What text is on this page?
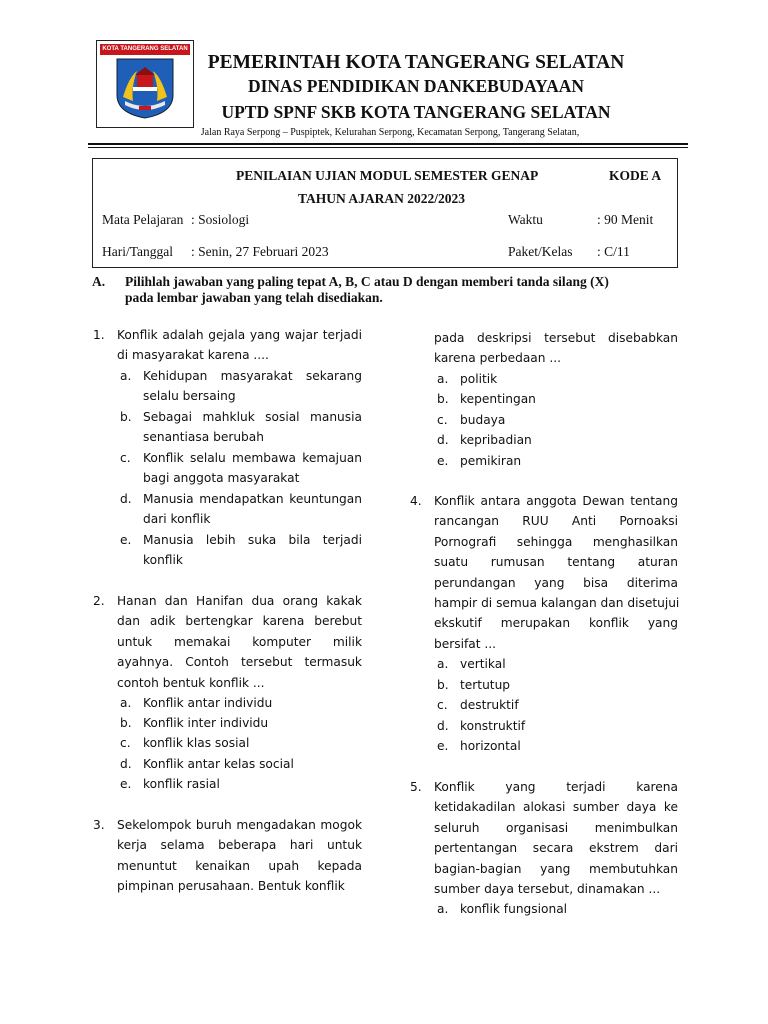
KOTA TANGERANG SELATAN
PEMERINTAH KOTA TANGERANG SELATAN
DINAS PENDIDIKAN DANKEBUDAYAAN
UPTD SPNF SKB KOTA TANGERANG SELATAN
Jalan Raya Serpong – Puspiptek, Kelurahan Serpong, Kecamatan Serpong, Tangerang Selatan,
PENILAIAN UJIAN MODUL SEMESTER GENAP	KODE A
TAHUN AJARAN 2022/2023
Mata Pelajaran : Sosiologi	Waktu	: 90 Menit
Hari/Tanggal : Senin, 27 Februari 2023	Paket/Kelas : C/11
A. Pilihlah jawaban yang paling tepat A, B, C atau D dengan memberi tanda silang (X)
pada lembar jawaban yang telah disediakan.
1. Konflik adalah gejala yang wajar terjadi
di masyarakat karena ....
a. Kehidupan masyarakat sekarang
selalu bersaing
b. Sebagai mahkluk sosial manusia
senantiasa berubah
c. Konflik selalu membawa kemajuan
bagi anggota masyarakat
d. Manusia mendapatkan keuntungan
dari konflik
e. Manusia lebih suka bila terjadi
konflik
2. Hanan dan Hanifan dua orang kakak
dan adik bertengkar karena berebut
untuk memakai komputer milik
ayahnya. Contoh tersebut termasuk
contoh bentuk konflik ...
a. Konflik antar individu
b. Konflik inter individu
c. konflik klas sosial
d. Konflik antar kelas social
e. konflik rasial
3. Sekelompok buruh mengadakan mogok
kerja selama beberapa hari untuk
menuntut kenaikan upah kepada
pimpinan perusahaan. Bentuk konflik
pada deskripsi tersebut disebabkan
karena perbedaan ...
a. politik
b. kepentingan
c. budaya
d. kepribadian
e. pemikiran
4. Konflik antara anggota Dewan tentang
rancangan RUU Anti Pornoaksi
Pornografi sehingga menghasilkan
suatu rumusan tentang aturan
perundangan yang bisa diterima
hampir di semua kalangan dan disetujui
ekskutif merupakan konflik yang
bersifat ...
a. vertikal
b. tertutup
c. destruktif
d. konstruktif
e. horizontal
5. Konflik yang terjadi karena
ketidakadilan alokasi sumber daya ke
seluruh organisasi menimbulkan
pertentangan secara ekstrem dari
bagian-bagian yang membutuhkan
sumber daya tersebut, dinamakan ...
a. konflik fungsional
